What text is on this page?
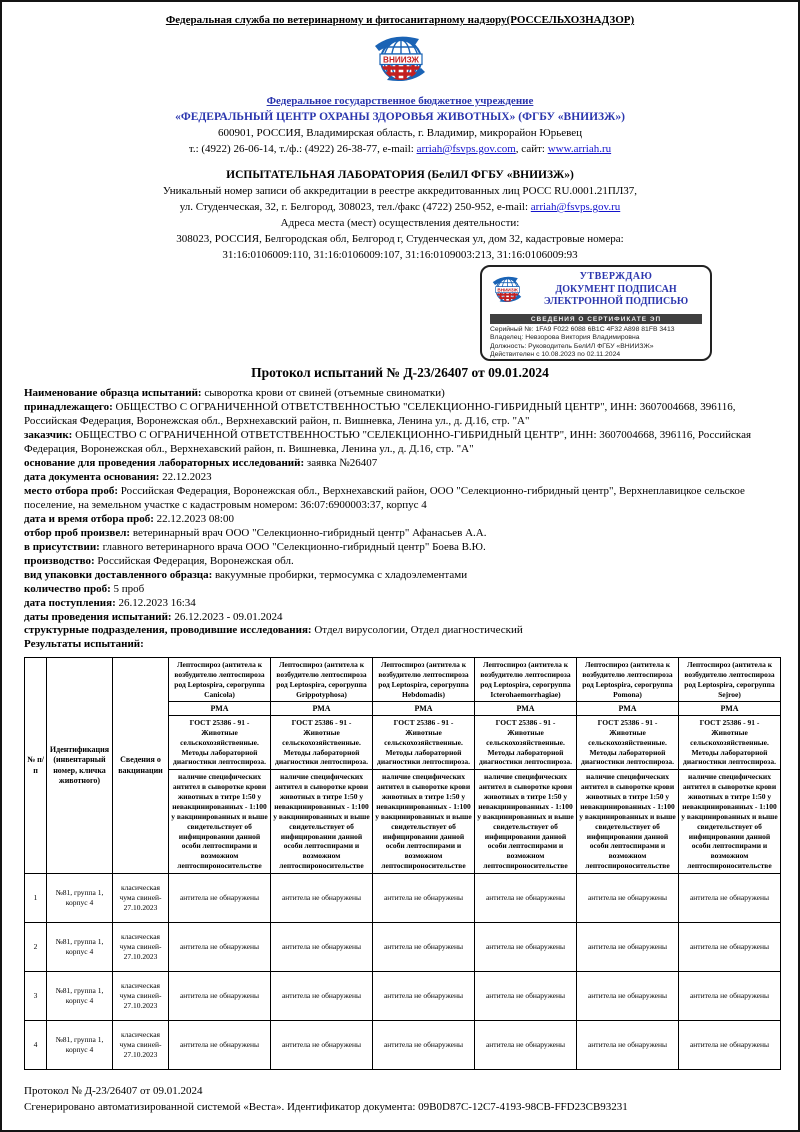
Федеральная служба по ветеринарному и фитосанитарному надзору(РОССЕЛЬХОЗНАДЗОР)
ВНИИЗЖ
Федеральное государственное бюджетное учреждение
«ФЕДЕРАЛЬНЫЙ ЦЕНТР ОХРАНЫ ЗДОРОВЬЯ ЖИВОТНЫХ» (ФГБУ «ВНИИЗЖ»)
600901, РОССИЯ, Владимирская область, г. Владимир, микрорайон Юрьевец
т.: (4922) 26-06-14, т./ф.: (4922) 26-38-77, e-mail: arriah@fsvps.gov.com, сайт: www.arriah.ru
ИСПЫТАТЕЛЬНАЯ ЛАБОРАТОРИЯ (БелИЛ ФГБУ «ВНИИЗЖ»)
Уникальный номер записи об аккредитации в реестре аккредитованных лиц РОСС RU.0001.21ПЛ37,
ул. Студенческая, 32, г. Белгород, 308023, тел./факс (4722) 250-952, e-mail: arriah@fsvps.gov.ru
Адреса места (мест) осуществления деятельности:
308023, РОССИЯ, Белгородская обл, Белгород г, Студенческая ул, дом 32, кадастровые номера:
31:16:0106009:110, 31:16:0106009:107, 31:16:0109003:213, 31:16:0106009:93
УТВЕРЖДАЮ
ДОКУМЕНТ ПОДПИСАН
ЭЛЕКТРОННОЙ ПОДПИСЬЮ
СВЕДЕНИЯ О СЕРТИФИКАТЕ ЭП
Серийный №: 1FA9 F022 6088 6B1C 4F32 A898 81FB 3413
Владелец: Невзорова Виктория Владимировна
Должность: Руководитель БелИЛ ФГБУ «ВНИИЗЖ»
Действителен с 10.08.2023 по 02.11.2024
Протокол испытаний № Д-23/26407 от 09.01.2024
Наименование образца испытаний: сыворотка крови от свиней (отъемные свиноматки)
принадлежащего: ОБЩЕСТВО С ОГРАНИЧЕННОЙ ОТВЕТСТВЕННОСТЬЮ "СЕЛЕКЦИОННО-ГИБРИДНЫЙ ЦЕНТР", ИНН: 3607004668, 396116, Российская Федерация, Воронежская обл., Верхнехавский район, п. Вишневка, Ленина ул., д. Д.16, стр. "А"
заказчик: ОБЩЕСТВО С ОГРАНИЧЕННОЙ ОТВЕТСТВЕННОСТЬЮ "СЕЛЕКЦИОННО-ГИБРИДНЫЙ ЦЕНТР", ИНН: 3607004668, 396116, Российская Федерация, Воронежская обл., Верхнехавский район, п. Вишневка, Ленина ул., д. Д.16, стр. "А"
основание для проведения лабораторных исследований: заявка №26407
дата документа основания: 22.12.2023
место отбора проб: Российская Федерация, Воронежская обл., Верхнехавский район, ООО "Селекционно-гибридный центр", Верхнеплавицкое сельское поселение, на земельном участке с кадастровым номером: 36:07:6900003:37, корпус 4
дата и время отбора проб: 22.12.2023 08:00
отбор проб произвел: ветеринарный врач ООО "Селекционно-гибридный центр" Афанасьев А.А.
в присутствии: главного ветеринарного врача ООО "Селекционно-гибридный центр" Боева В.Ю.
производство: Российская Федерация, Воронежская обл.
вид упаковки доставленного образца: вакуумные пробирки, термосумка с хладоэлементами
количество проб: 5 проб
дата поступления: 26.12.2023 16:34
даты проведения испытаний: 26.12.2023 - 09.01.2024
структурные подразделения, проводившие исследования: Отдел вирусологии, Отдел диагностический
Результаты испытаний:
№ п/п	Идентификация (инвентарный номер, кличка животного)	Сведения о вакцинации	Лептоспироз (антитела к возбудителю лептоспироза род Leptospira, серогруппа Canicola)	Лептоспироз (антитела к возбудителю лептоспироза род Leptospira, серогруппа Grippotyphosa)	Лептоспироз (антитела к возбудителю лептоспироза род Leptospira, серогруппа Hebdomadis)	Лептоспироз (антитела к возбудителю лептоспироза род Leptospira, серогруппа Icterohaemorrhagiae)	Лептоспироз (антитела к возбудителю лептоспироза род Leptospira, серогруппа Pomona)	Лептоспироз (антитела к возбудителю лептоспироза род Leptospira, серогруппа Sejroe)
			РМА	РМА	РМА	РМА	РМА	РМА
			ГОСТ 25386 - 91 - Животные сельскохозяйственные. Методы лабораторной диагностики лептоспироза.	ГОСТ 25386 - 91 - Животные сельскохозяйственные. Методы лабораторной диагностики лептоспироза.	ГОСТ 25386 - 91 - Животные сельскохозяйственные. Методы лабораторной диагностики лептоспироза.	ГОСТ 25386 - 91 - Животные сельскохозяйственные. Методы лабораторной диагностики лептоспироза.	ГОСТ 25386 - 91 - Животные сельскохозяйственные. Методы лабораторной диагностики лептоспироза.	ГОСТ 25386 - 91 - Животные сельскохозяйственные. Методы лабораторной диагностики лептоспироза.
наличие специфических антител в сыворотке крови животных в титре 1:50 у невакцинированных - 1:100 у вакцинированных и выше свидетельствует об инфицировании данной особи лептоспирами и возможном лептоспироносительстве	наличие специфических антител в сыворотке крови животных в титре 1:50 у невакцинированных - 1:100 у вакцинированных и выше свидетельствует об инфицировании данной особи лептоспирами и возможном лептоспироносительстве	наличие специфических антител в сыворотке крови животных в титре 1:50 у невакцинированных - 1:100 у вакцинированных и выше свидетельствует об инфицировании данной особи лептоспирами и возможном лептоспироносительстве	наличие специфических антител в сыворотке крови животных в титре 1:50 у невакцинированных - 1:100 у вакцинированных и выше свидетельствует об инфицировании данной особи лептоспирами и возможном лептоспироносительстве	наличие специфических антител в сыворотке крови животных в титре 1:50 у невакцинированных - 1:100 у вакцинированных и выше свидетельствует об инфицировании данной особи лептоспирами и возможном лептоспироносительстве	наличие специфических антител в сыворотке крови животных в титре 1:50 у невакцинированных - 1:100 у вакцинированных и выше свидетельствует об инфицировании данной особи лептоспирами и возможном лептоспироносительстве
1	№81, группа 1, корпус 4	класическая чума свиней- 27.10.2023	антитела не обнаружены	антитела не обнаружены	антитела не обнаружены	антитела не обнаружены	антитела не обнаружены	антитела не обнаружены
2	№81, группа 1, корпус 4	класическая чума свиней- 27.10.2023	антитела не обнаружены	антитела не обнаружены	антитела не обнаружены	антитела не обнаружены	антитела не обнаружены	антитела не обнаружены
3	№81, группа 1, корпус 4	класическая чума свиней- 27.10.2023	антитела не обнаружены	антитела не обнаружены	антитела не обнаружены	антитела не обнаружены	антитела не обнаружены	антитела не обнаружены
4	№81, группа 1, корпус 4	класическая чума свиней- 27.10.2023	антитела не обнаружены	антитела не обнаружены	антитела не обнаружены	антитела не обнаружены	антитела не обнаружены	антитела не обнаружены
Протокол № Д-23/26407 от 09.01.2024
Сгенерировано автоматизированной системой «Веста». Идентификатор документа: 09B0D87C-12C7-4193-98CB-FFD23CB93231
